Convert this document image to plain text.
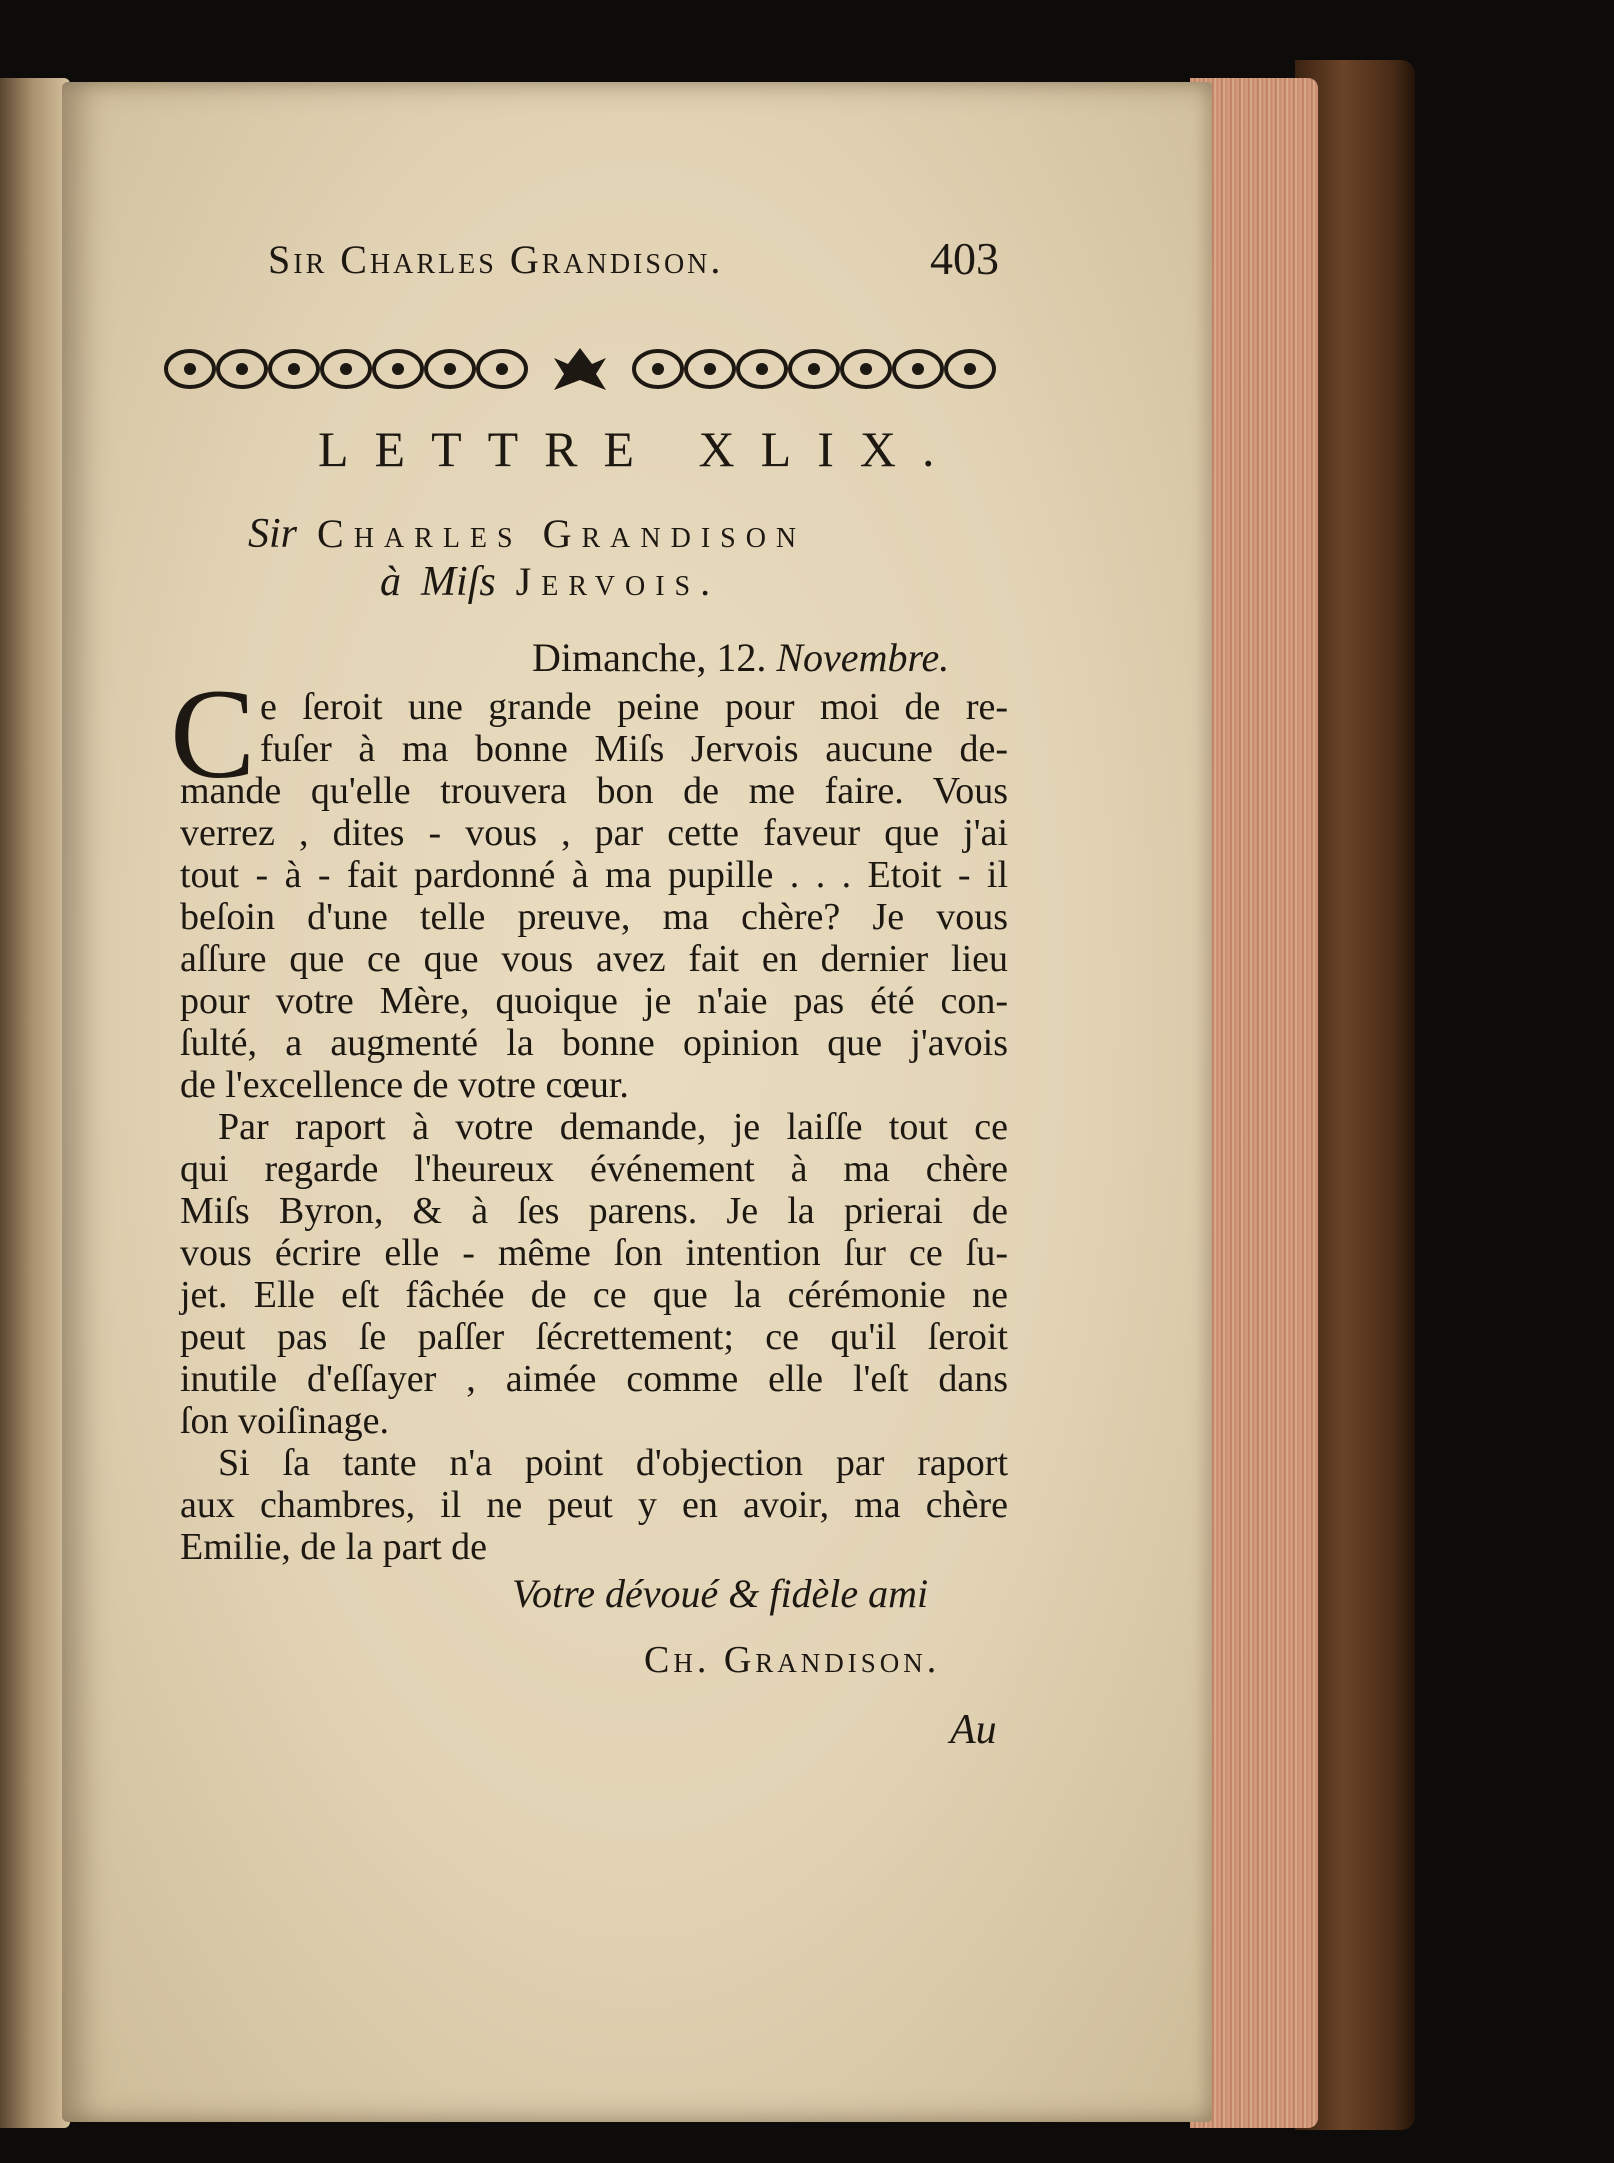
Sir Charles Grandison.	403
LETTRE XLIX.
Sir Charles Grandison
à Miſs Jervois.
Dimanche, 12. Novembre.
C e ſeroit une grande peine pour moi de re-
fuſer à ma bonne Miſs Jervois aucune de-
mande qu'elle trouvera bon de me faire. Vous
verrez , dites - vous , par cette faveur que j'ai
tout - à - fait pardonné à ma pupille . . . Etoit - il
beſoin d'une telle preuve, ma chère? Je vous
aſſure que ce que vous avez fait en dernier lieu
pour votre Mère, quoique je n'aie pas été con-
ſulté, a augmenté la bonne opinion que j'avois
de l'excellence de votre cœur.
Par raport à votre demande, je laiſſe tout ce
qui regarde l'heureux événement à ma chère
Miſs Byron, & à ſes parens. Je la prierai de
vous écrire elle - même ſon intention ſur ce ſu-
jet. Elle eſt fâchée de ce que la cérémonie ne
peut pas ſe paſſer ſécrettement; ce qu'il ſeroit
inutile d'eſſayer , aimée comme elle l'eſt dans
ſon voiſinage.
Si ſa tante n'a point d'objection par raport
aux chambres, il ne peut y en avoir, ma chère
Emilie, de la part de
Votre dévoué & fidèle ami
Ch. Grandison.
Au
